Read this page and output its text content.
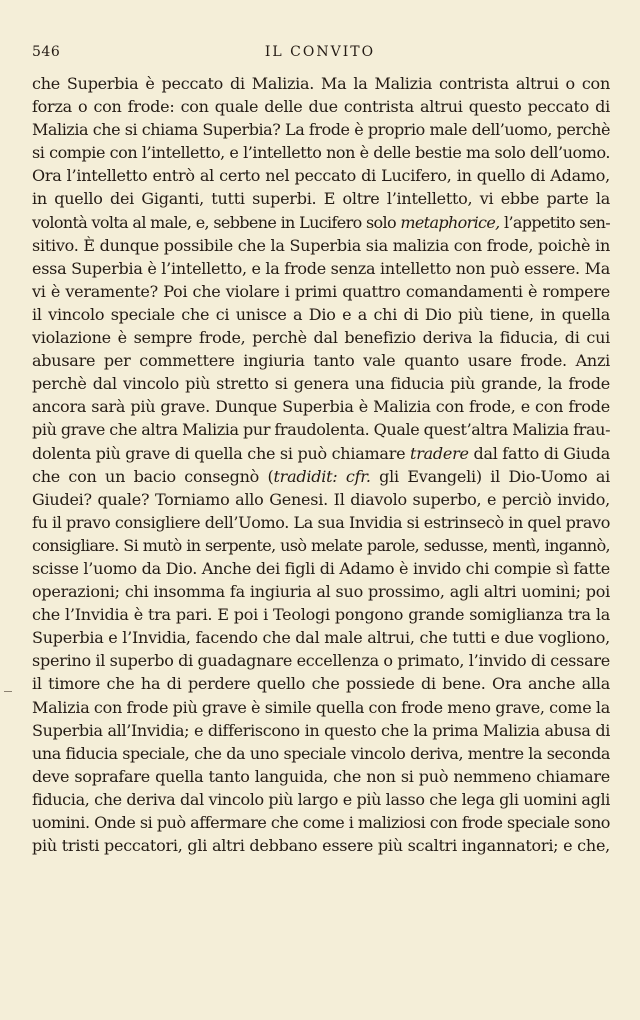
546	IL CONVITO
che Superbia è peccato di Malizia. Ma la Malizia contrista altrui o con
forza o con frode: con quale delle due contrista altrui questo peccato di
Malizia che si chiama Superbia? La frode è proprio male dell’uomo, perchè
si compie con l’intelletto, e l’intelletto non è delle bestie ma solo dell’uomo.
Ora l’intelletto entrò al certo nel peccato di Lucifero, in quello di Adamo,
in quello dei Giganti, tutti superbi. E oltre l’intelletto, vi ebbe parte la
volontà volta al male, e, sebbene in Lucifero solo metaphorice, l’appetito sen-
sitivo. È dunque possibile che la Superbia sia malizia con frode, poichè in
essa Superbia è l’intelletto, e la frode senza intelletto non può essere. Ma
vi è veramente? Poi che violare i primi quattro comandamenti è rompere
il vincolo speciale che ci unisce a Dio e a chi di Dio più tiene, in quella
violazione è sempre frode, perchè dal benefizio deriva la fiducia, di cui
abusare per commettere ingiuria tanto vale quanto usare frode. Anzi
perchè dal vincolo più stretto si genera una fiducia più grande, la frode
ancora sarà più grave. Dunque Superbia è Malizia con frode, e con frode
più grave che altra Malizia pur fraudolenta. Quale quest’altra Malizia frau-
dolenta più grave di quella che si può chiamare tradere dal fatto di Giuda
che con un bacio consegnò (tradidit: cfr. gli Evangeli) il Dio-Uomo ai
Giudei? quale? Torniamo allo Genesi. Il diavolo superbo, e perciò invido,
fu il pravo consigliere dell’Uomo. La sua Invidia si estrinsecò in quel pravo
consigliare. Si mutò in serpente, usò melate parole, sedusse, mentì, ingannò,
scisse l’uomo da Dio. Anche dei figli di Adamo è invido chi compie sì fatte
operazioni; chi insomma fa ingiuria al suo prossimo, agli altri uomini; poi
che l’Invidia è tra pari. E poi i Teologi pongono grande somiglianza tra la
Superbia e l’Invidia, facendo che dal male altrui, che tutti e due vogliono,
sperino il superbo di guadagnare eccellenza o primato, l’invido di cessare
il timore che ha di perdere quello che possiede di bene. Ora anche alla
Malizia con frode più grave è simile quella con frode meno grave, come la
Superbia all’Invidia; e differiscono in questo che la prima Malizia abusa di
una fiducia speciale, che da uno speciale vincolo deriva, mentre la seconda
deve soprafare quella tanto languida, che non si può nemmeno chiamare
fiducia, che deriva dal vincolo più largo e più lasso che lega gli uomini agli
uomini. Onde si può affermare che come i maliziosi con frode speciale sono
più tristi peccatori, gli altri debbano essere più scaltri ingannatori; e che,
